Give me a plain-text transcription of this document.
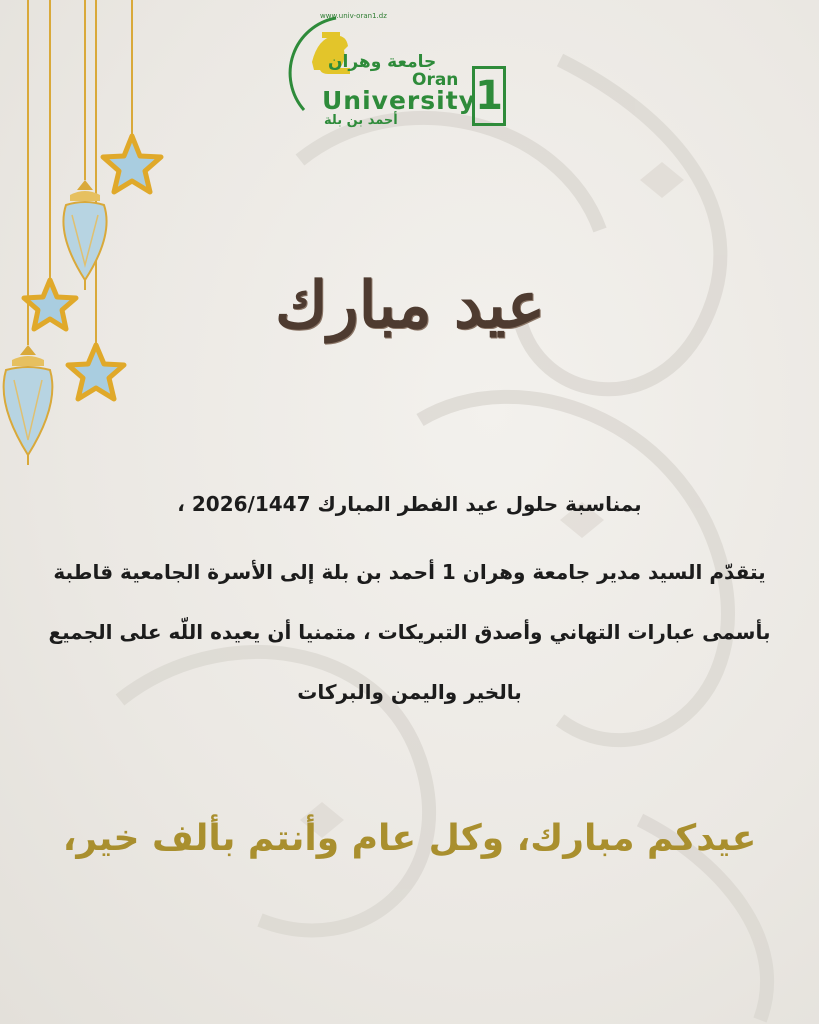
www.univ-oran1.dz
جامعة وهران
Oran
University
أحمد بن بلة
1
عيد مبارك
بمناسبة حلول عيد الفطر المبارك 2026/1447 ،
يتقدّم السيد مدير جامعة وهران 1 أحمد بن بلة إلى الأسرة الجامعية قاطبة
بأسمى عبارات التهاني وأصدق التبريكات ، متمنيا أن يعيده اللّه على الجميع
بالخير واليمن والبركات
عيدكم مبارك، وكل عام وأنتم بألف خير،
